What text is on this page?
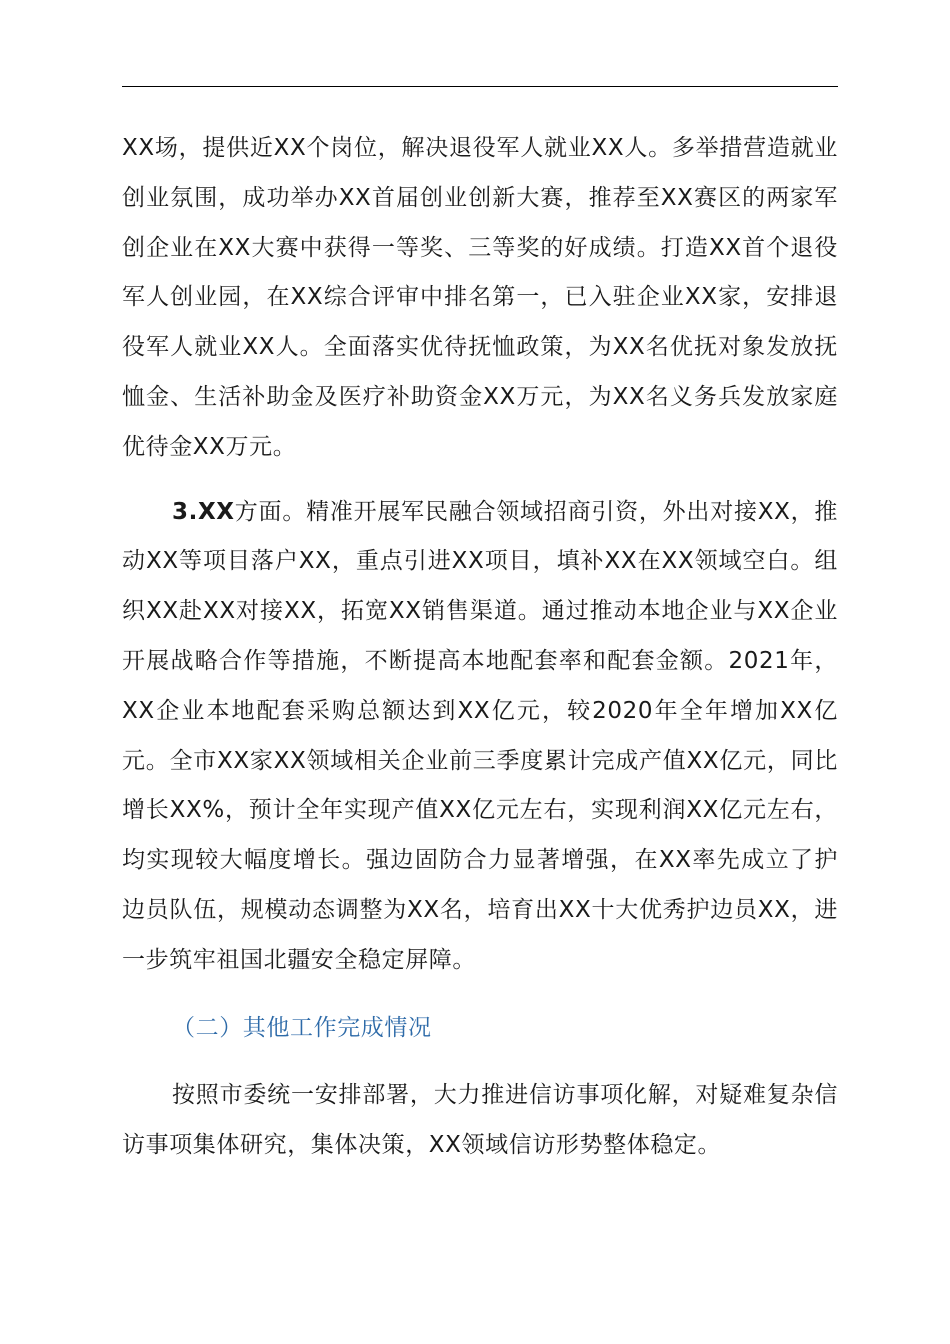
XX场，提供近XX个岗位，解决退役军人就业XX人。多举措营造就业创业氛围，成功举办XX首届创业创新大赛，推荐至XX赛区的两家军创企业在XX大赛中获得一等奖、三等奖的好成绩。打造XX首个退役军人创业园，在XX综合评审中排名第一，已入驻企业XX家，安排退役军人就业XX人。全面落实优待抚恤政策，为XX名优抚对象发放抚恤金、生活补助金及医疗补助资金XX万元，为XX名义务兵发放家庭优待金XX万元。

3.XX方面。精准开展军民融合领域招商引资，外出对接XX，推动XX等项目落户XX，重点引进XX项目，填补XX在XX领域空白。组织XX赴XX对接XX，拓宽XX销售渠道。通过推动本地企业与XX企业开展战略合作等措施，不断提高本地配套率和配套金额。2021年，XX企业本地配套采购总额达到XX亿元，较2020年全年增加XX亿元。全市XX家XX领域相关企业前三季度累计完成产值XX亿元，同比增长XX%，预计全年实现产值XX亿元左右，实现利润XX亿元左右，均实现较大幅度增长。强边固防合力显著增强，在XX率先成立了护边员队伍，规模动态调整为XX名，培育出XX十大优秀护边员XX，进一步筑牢祖国北疆安全稳定屏障。

（二）其他工作完成情况

按照市委统一安排部署，大力推进信访事项化解，对疑难复杂信访事项集体研究，集体决策，XX领域信访形势整体稳定。
